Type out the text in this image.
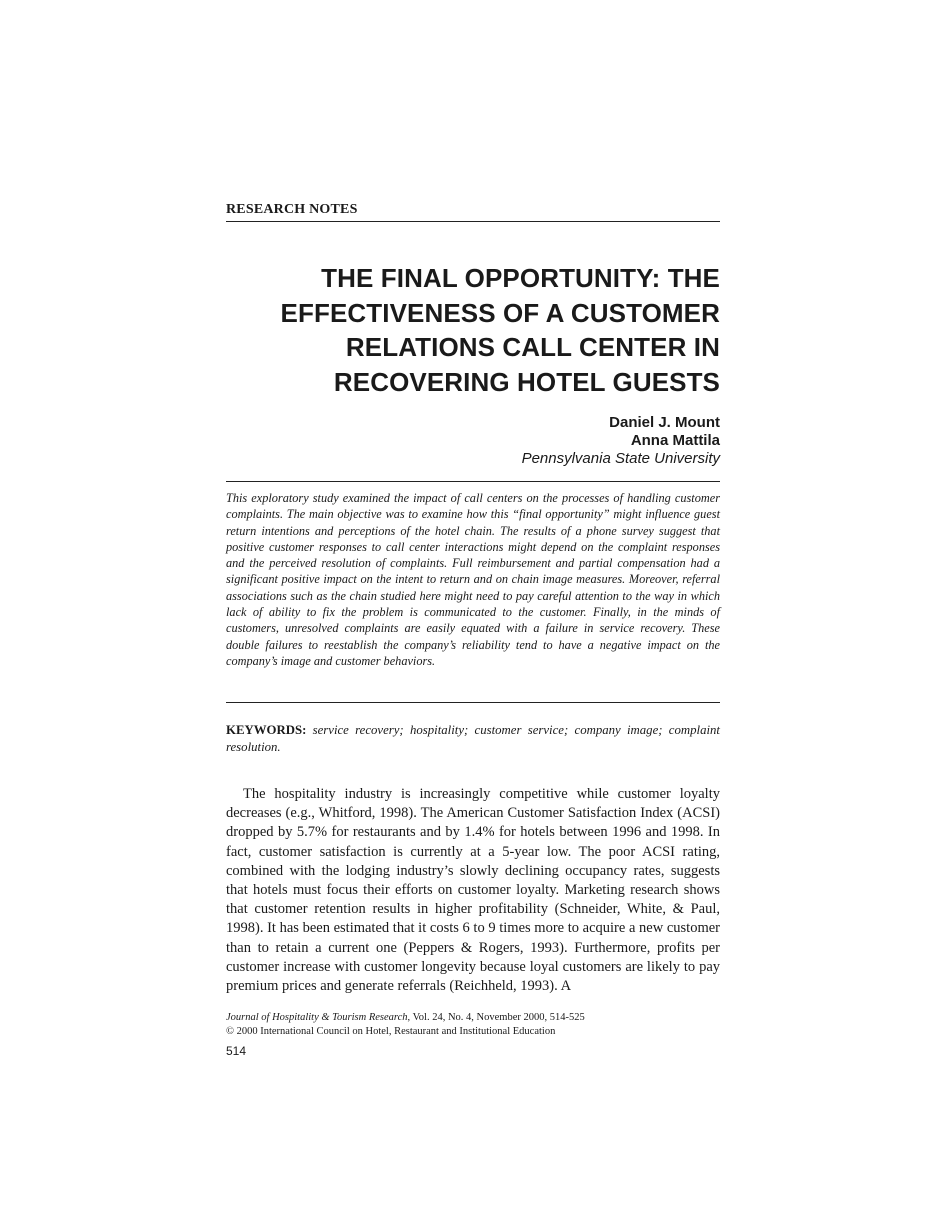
RESEARCH NOTES
THE FINAL OPPORTUNITY: THE
EFFECTIVENESS OF A CUSTOMER
RELATIONS CALL CENTER IN
RECOVERING HOTEL GUESTS
Daniel J. Mount
Anna Mattila
Pennsylvania State University
This exploratory study examined the impact of call centers on the processes of handling customer complaints. The main objective was to examine how this “final opportunity” might influence guest return intentions and perceptions of the hotel chain. The results of a phone survey suggest that positive customer responses to call center interactions might depend on the complaint responses and the perceived resolution of complaints. Full reimbursement and partial compensation had a significant positive impact on the intent to return and on chain image measures. Moreover, referral associations such as the chain studied here might need to pay careful attention to the way in which lack of ability to fix the problem is communicated to the customer. Finally, in the minds of customers, unresolved complaints are easily equated with a failure in service recovery. These double failures to reestablish the company’s reliability tend to have a negative impact on the company’s image and customer behaviors.
KEYWORDS: service recovery; hospitality; customer service; company image; complaint resolution.

The hospitality industry is increasingly competitive while customer loyalty decreases (e.g., Whitford, 1998). The American Customer Satisfaction Index (ACSI) dropped by 5.7% for restaurants and by 1.4% for hotels between 1996 and 1998. In fact, customer satisfaction is currently at a 5-year low. The poor ACSI rating, combined with the lodging industry’s slowly declining occupancy rates, suggests that hotels must focus their efforts on customer loyalty. Marketing research shows that customer retention results in higher profitability (Schneider, White, & Paul, 1998). It has been estimated that it costs 6 to 9 times more to acquire a new customer than to retain a current one (Peppers & Rogers, 1993). Furthermore, profits per customer increase with customer longevity because loyal customers are likely to pay premium prices and generate referrals (Reichheld, 1993). A

Journal of Hospitality & Tourism Research, Vol. 24, No. 4, November 2000, 514-525
© 2000 International Council on Hotel, Restaurant and Institutional Education
514
